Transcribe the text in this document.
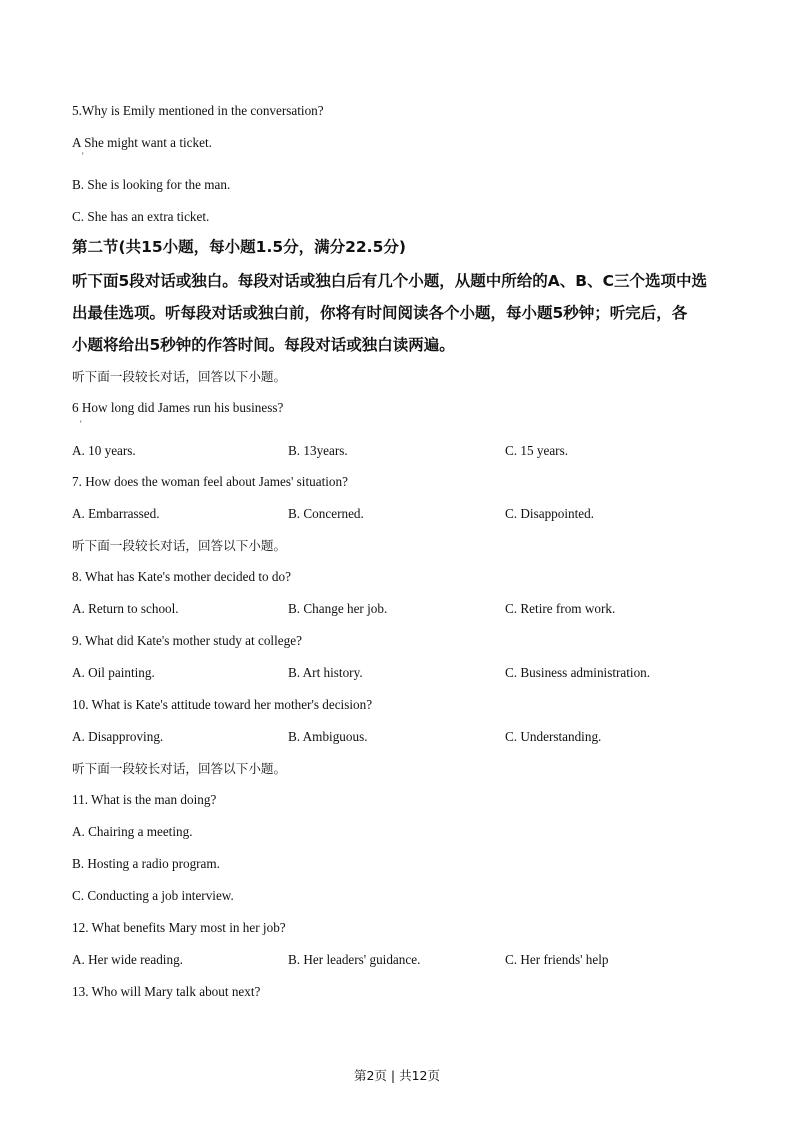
5.Why is Emily mentioned in the conversation?
A She might want a ticket.
'
B. She is looking for the man.
C. She has an extra ticket.
第二节(共15小题，每小题1.5分，满分22.5分)
听下面5段对话或独白。每段对话或独白后有几个小题，从题中所给的A、B、C三个选项中选
出最佳选项。听每段对话或独白前，你将有时间阅读各个小题，每小题5秒钟；听完后，各
小题将给出5秒钟的作答时间。每段对话或独白读两遍。
听下面一段较长对话，回答以下小题。
6 How long did James run his business?
'
A. 10 years.	B. 13years.	C. 15 years.
7. How does the woman feel about James' situation?
A. Embarrassed.	B. Concerned.	C. Disappointed.
听下面一段较长对话，回答以下小题。
8. What has Kate's mother decided to do?
A. Return to school.	B. Change her job.	C. Retire from work.
9. What did Kate's mother study at college?
A. Oil painting.	B. Art history.	C. Business administration.
10. What is Kate's attitude toward her mother's decision?
A. Disapproving.	B. Ambiguous.	C. Understanding.
听下面一段较长对话，回答以下小题。
11. What is the man doing?
A. Chairing a meeting.
B. Hosting a radio program.
C. Conducting a job interview.
12. What benefits Mary most in her job?
A. Her wide reading.	B. Her leaders' guidance.	C. Her friends' help
13. Who will Mary talk about next?
第2页 | 共12页
